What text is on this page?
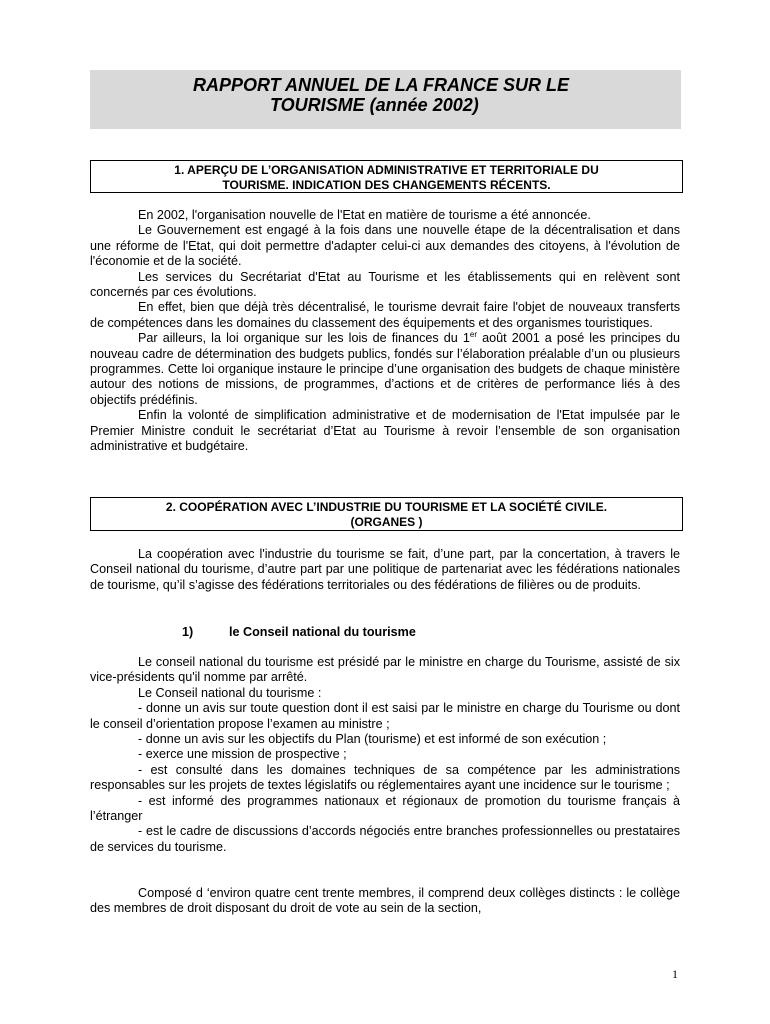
RAPPORT ANNUEL DE LA FRANCE SUR LE
TOURISME (année 2002)
1. APERÇU DE L’ORGANISATION ADMINISTRATIVE ET TERRITORIALE DU
TOURISME. INDICATION DES CHANGEMENTS RÉCENTS.

En 2002, l'organisation nouvelle de l'Etat en matière de tourisme a été annoncée.

Le Gouvernement est engagé à la fois dans une nouvelle étape de la décentralisation et dans une réforme de l'Etat, qui doit permettre d'adapter celui-ci aux demandes des citoyens, à l'évolution de l'économie et de la société.

Les services du Secrétariat d'Etat au Tourisme et les établissements qui en relèvent sont concernés par ces évolutions.

En effet, bien que déjà très décentralisé, le tourisme devrait faire l'objet de nouveaux transferts de compétences dans les domaines du classement des équipements et des organismes touristiques.

Par ailleurs, la loi organique sur les lois de finances du 1er août 2001 a posé les principes du nouveau cadre de détermination des budgets publics, fondés sur l’élaboration préalable d’un ou plusieurs programmes. Cette loi organique instaure le principe d’une organisation des budgets de chaque ministère autour des notions de missions, de programmes, d’actions et de critères de performance liés à des objectifs prédéfinis.

Enfin la volonté de simplification administrative et de modernisation de l'Etat impulsée par le Premier Ministre conduit le secrétariat d’Etat au Tourisme à revoir l’ensemble de son organisation administrative et budgétaire.

2. COOPÉRATION AVEC L’INDUSTRIE DU TOURISME ET LA SOCIÉTÉ CIVILE.
(ORGANES )

La coopération avec l'industrie du tourisme se fait, d’une part, par la concertation, à travers le Conseil national du tourisme, d’autre part par une politique de partenariat avec les fédérations nationales de tourisme, qu’il s’agisse des fédérations territoriales ou des fédérations de filières ou de produits.

1)	le Conseil national du tourisme

Le conseil national du tourisme est présidé par le ministre en charge du Tourisme, assisté de six vice-présidents qu'il nomme par arrêté.

Le Conseil national du tourisme :

- donne un avis sur toute question dont il est saisi par le ministre en charge du Tourisme ou dont le conseil d’orientation propose l’examen au ministre ;

- donne un avis sur les objectifs du Plan (tourisme) et est informé de son exécution ;

- exerce une mission de prospective ;

- est consulté dans les domaines techniques de sa compétence par les administrations responsables sur les projets de textes législatifs ou réglementaires ayant une incidence sur le tourisme ;

- est informé des programmes nationaux et régionaux de promotion du tourisme français à l’étranger

- est le cadre de discussions d’accords négociés entre branches professionnelles ou prestataires de services du tourisme.

Composé d ‘environ quatre cent trente membres, il comprend deux collèges distincts : le collège des membres de droit disposant du droit de vote au sein de la section,

1
